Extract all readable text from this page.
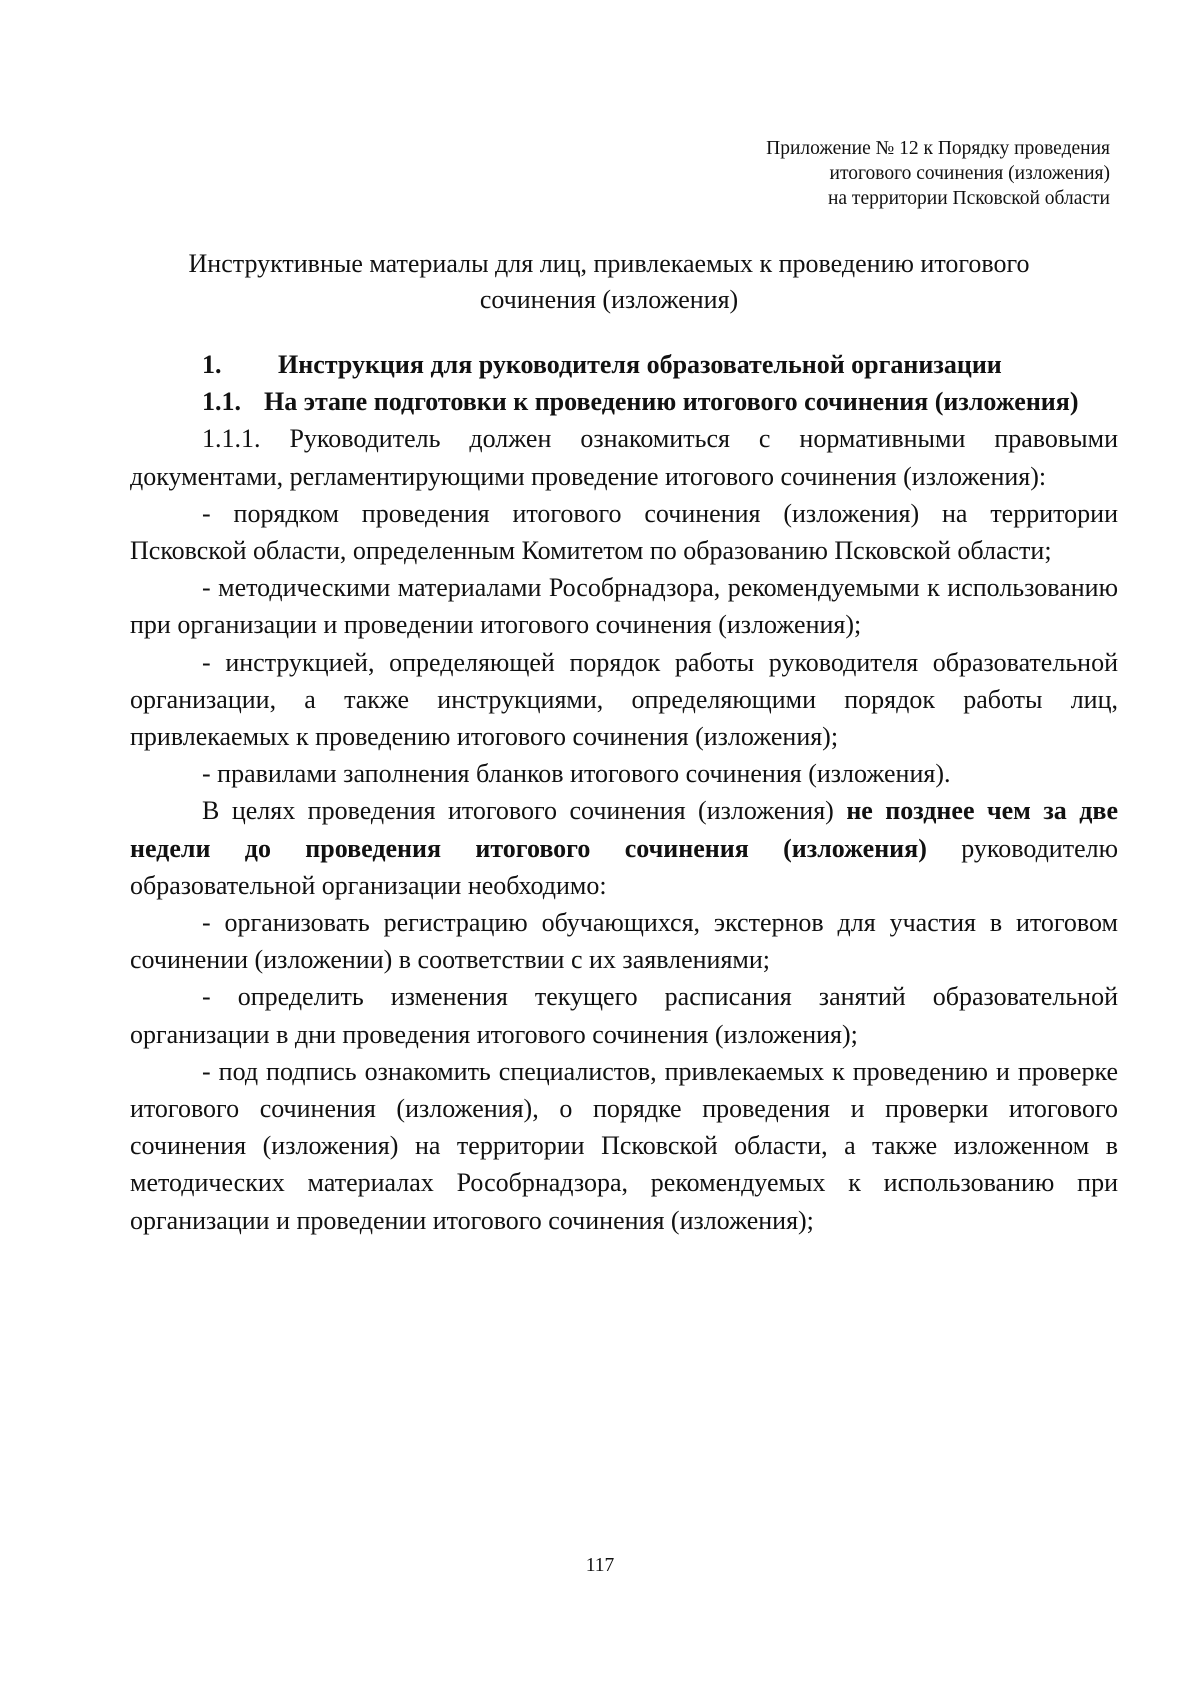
Приложение № 12 к Порядку проведения
итогового сочинения (изложения)
на территории Псковской области
Инструктивные материалы для лиц, привлекаемых к проведению итогового
сочинения (изложения)
1.	Инструкция для руководителя образовательной организации

1.1. На этапе подготовки к проведению итогового сочинения (изложения)

1.1.1. Руководитель должен ознакомиться с нормативными правовыми документами, регламентирующими проведение итогового сочинения (изложения):

- порядком проведения итогового сочинения (изложения) на территории Псковской области, определенным Комитетом по образованию Псковской области;

- методическими материалами Рособрнадзора, рекомендуемыми к использованию при организации и проведении итогового сочинения (изложения);

- инструкцией, определяющей порядок работы руководителя образовательной организации, а также инструкциями, определяющими порядок работы лиц, привлекаемых к проведению итогового сочинения (изложения);

- правилами заполнения бланков итогового сочинения (изложения).

В целях проведения итогового сочинения (изложения) не позднее чем за две недели до проведения итогового сочинения (изложения) руководителю образовательной организации необходимо:

- организовать регистрацию обучающихся, экстернов для участия в итоговом сочинении (изложении) в соответствии с их заявлениями;

- определить изменения текущего расписания занятий образовательной организации в дни проведения итогового сочинения (изложения);

- под подпись ознакомить специалистов, привлекаемых к проведению и проверке итогового сочинения (изложения), о порядке проведения и проверки итогового сочинения (изложения) на территории Псковской области, а также изложенном в методических материалах Рособрнадзора, рекомендуемых к использованию при организации и проведении итогового сочинения (изложения);

117
